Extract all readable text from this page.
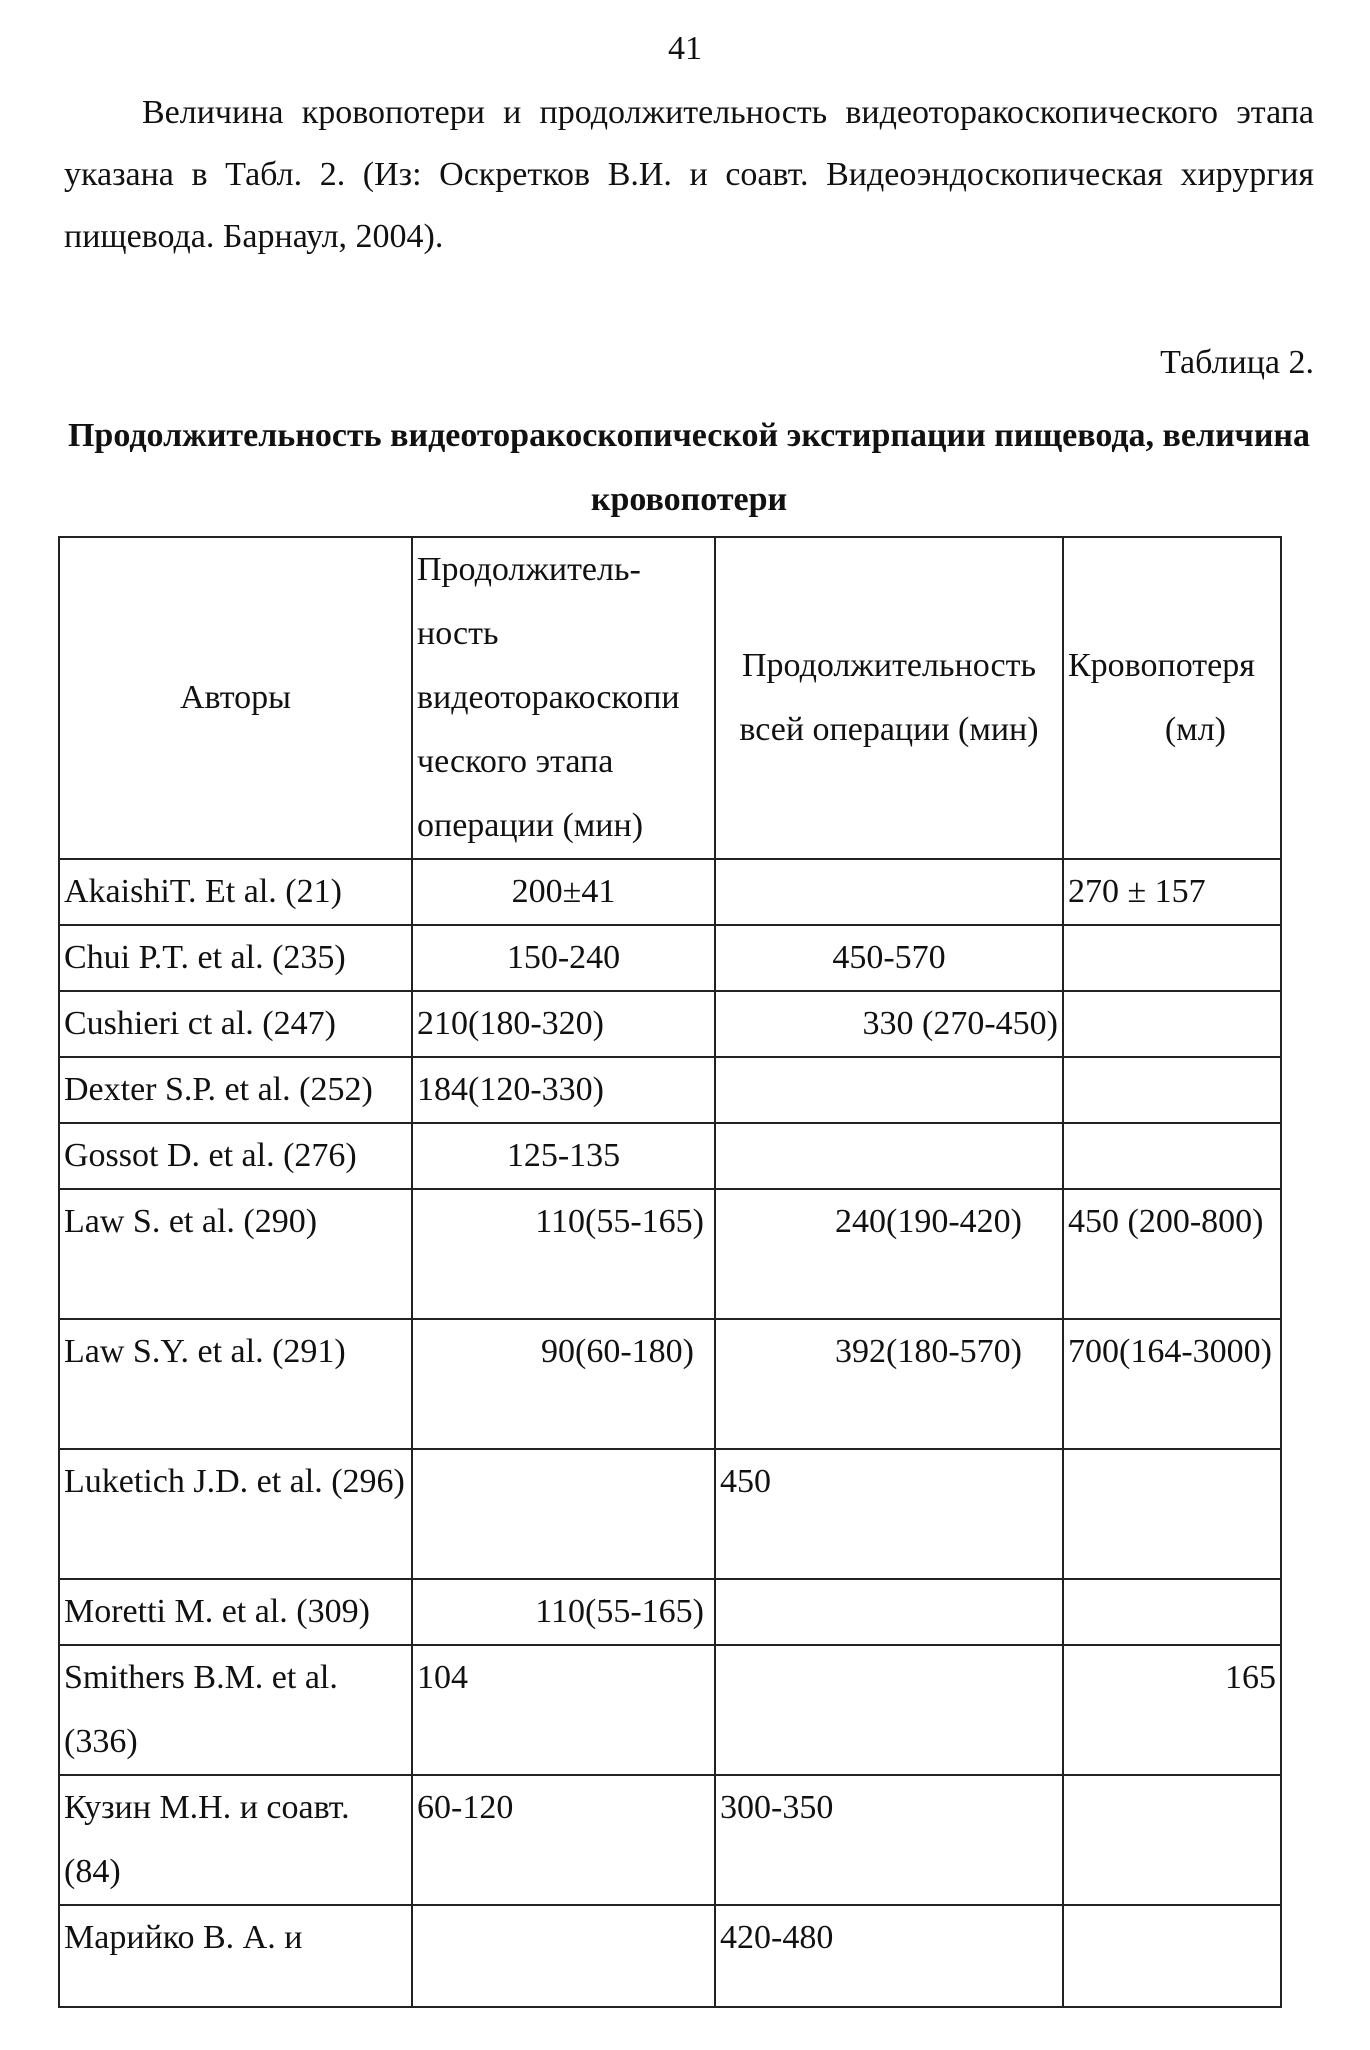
41

Величина кровопотери и продолжительность видеоторакоскопического этапа указана в Табл. 2. (Из: Оскретков В.И. и соавт. Видеоэндоскопическая хирургия пищевода. Барнаул, 2004).

Таблица 2.

Продолжительность видеоторакоскопической экстирпации пищевода, величина кровопотери

Авторы	Продолжитель-ность видеоторакоскопи ческого этапа операции (мин)	Продолжительность всей операции (мин)	Кровопотеря
(мл)

AkaishiT. Et al. (21)	200±41		270 ± 157
Chui P.T. et al. (235)	150-240	450-570	
Cushieri ct al. (247)	210(180-320)	330 (270-450)	
Dexter S.P. et al. (252)	184(120-330)		
Gossot D. et al. (276)	125-135		
Law S. et al. (290)	110(55-165)	240(190-420)	450 (200-800)
Law S.Y. et al. (291)	90(60-180)	392(180-570)	700(164-3000)
Luketich J.D. et al. (296)		450	
Moretti M. et al. (309)	110(55-165)		
Smithers B.M. et al. (336)	104		165
Кузин М.Н. и соавт. (84)	60-120	300-350	
Марийко В. А. и		420-480	
